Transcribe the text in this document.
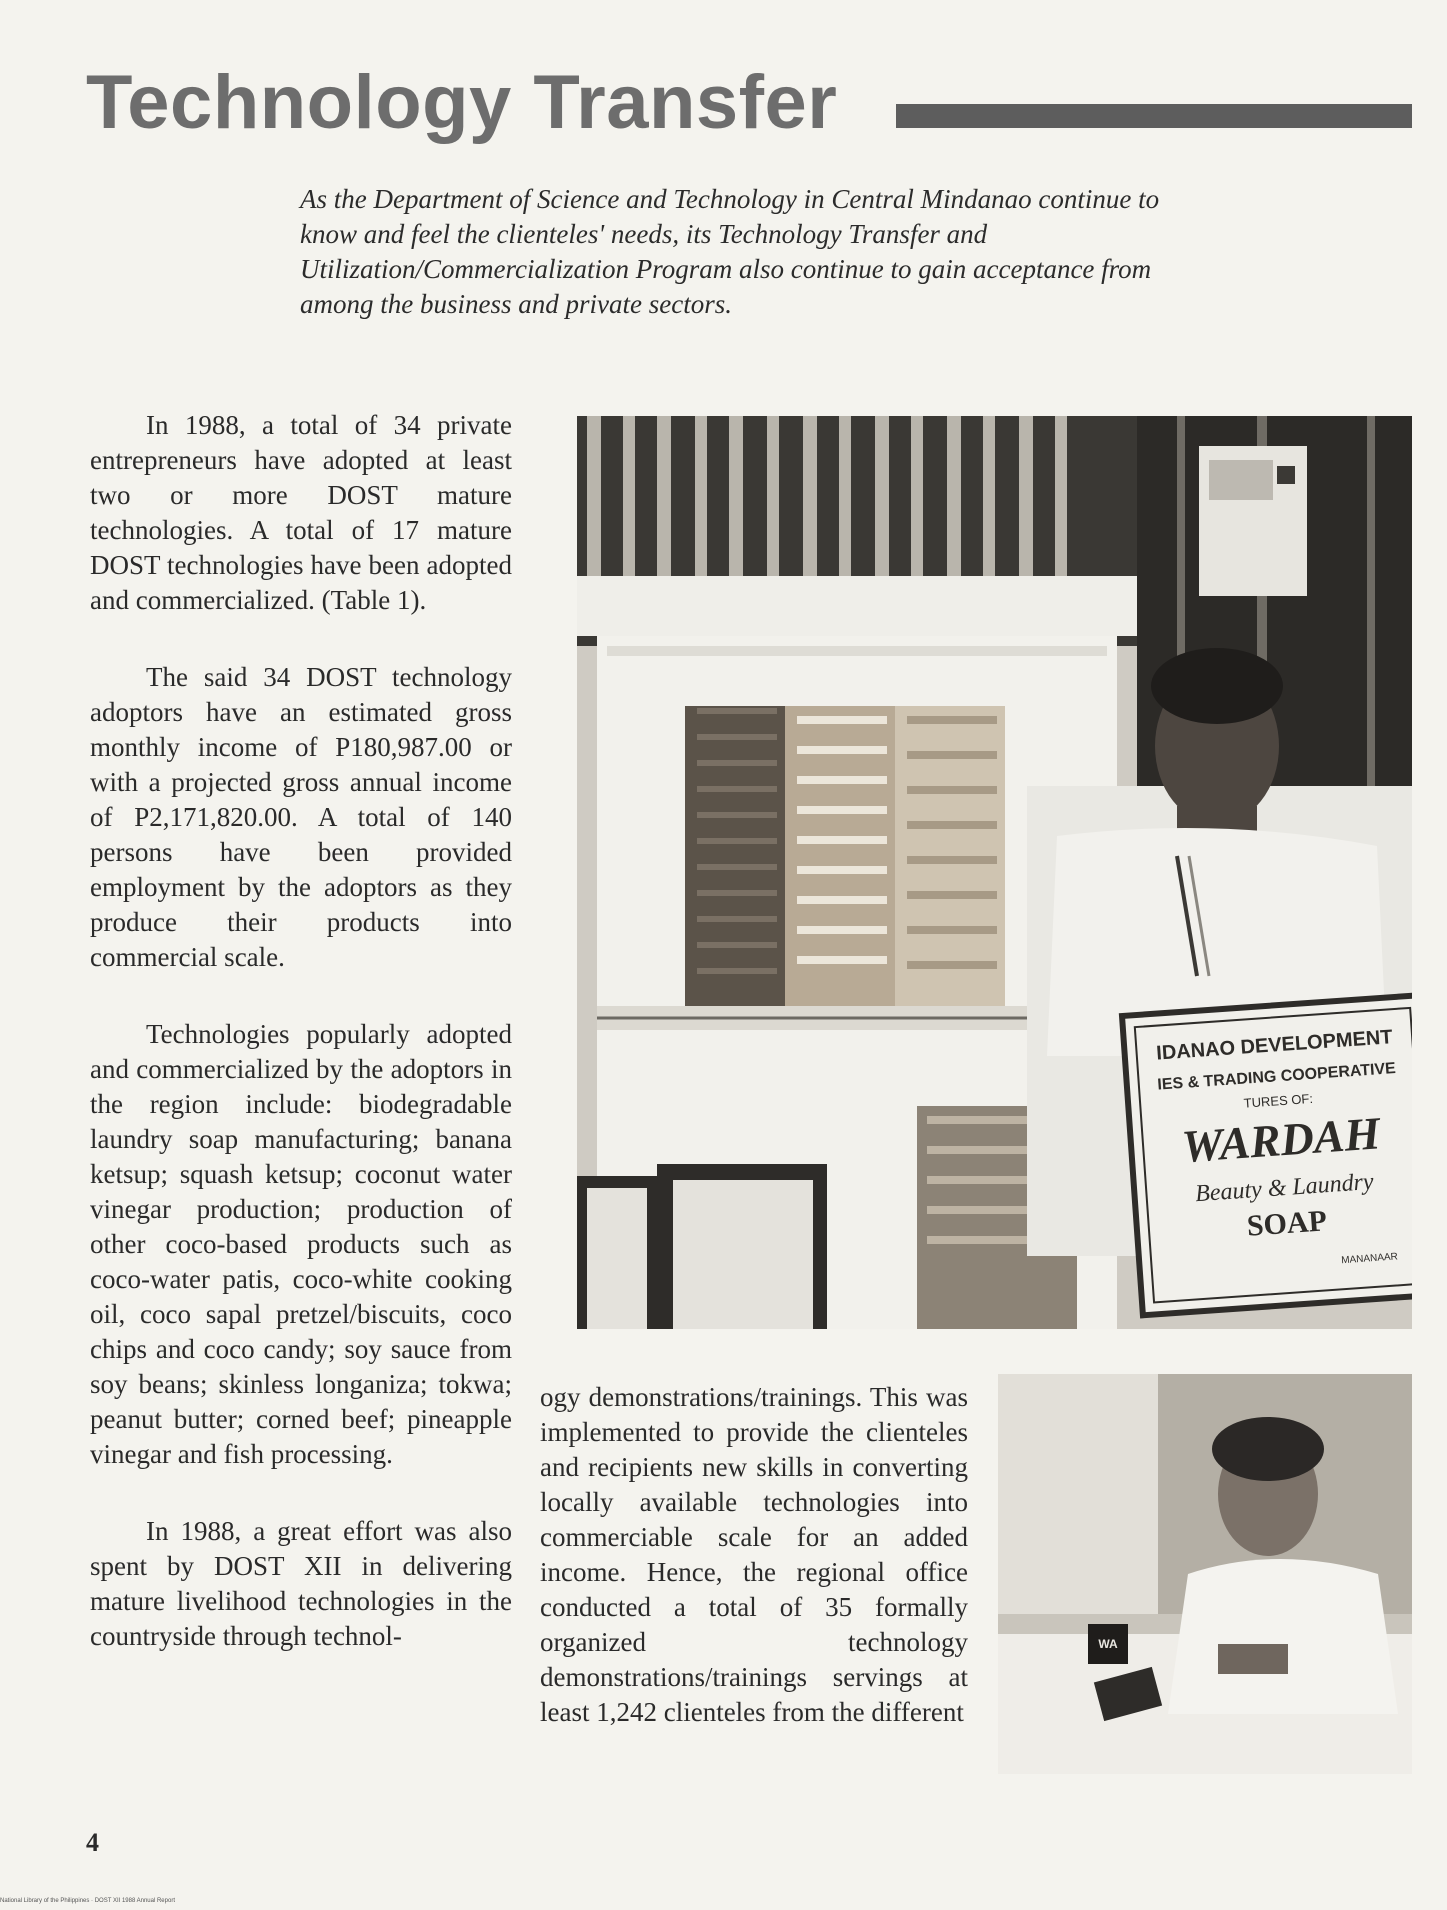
Technology Transfer

As the Department of Science and Technology in Central Mindanao continue to know and feel the clienteles' needs, its Technology Transfer and Utilization/Commercialization Program also continue to gain acceptance from among the business and private sectors.

In 1988, a total of 34 private entrepreneurs have adopted at least two or more DOST mature technologies. A total of 17 mature DOST technologies have been adopted and commercialized. (Table 1).

The said 34 DOST technology adoptors have an estimated gross monthly income of P180,987.00 or with a projected gross annual income of P2,171,820.00. A total of 140 persons have been provided employment by the adoptors as they produce their products into commercial scale.

Technologies popularly adopted and commercialized by the adoptors in the region include: biodegradable laundry soap manufacturing; banana ketsup; squash ketsup; coconut water vinegar production; production of other coco-based products such as coco-water patis, coco-white cooking oil, coco sapal pretzel/biscuits, coco chips and coco candy; soy sauce from soy beans; skinless longaniza; tokwa; peanut butter; corned beef; pineapple vinegar and fish processing.

In 1988, a great effort was also spent by DOST XII in delivering mature livelihood technologies in the countryside through technol-

IDANAO DEVELOPMENT
IES & TRADING COOPERATIVE
TURES OF:
WARDAH
Beauty & Laundry
SOAP
MANANAAR

ogy demonstrations/trainings. This was implemented to provide the clienteles and recipients new skills in converting locally available technologies into commerciable scale for an added income. Hence, the regional office conducted a total of 35 formally organized technology demonstrations/trainings servings at least 1,242 clienteles from the different

WA
4
National Library of the Philippines · DOST XII 1988 Annual Report
